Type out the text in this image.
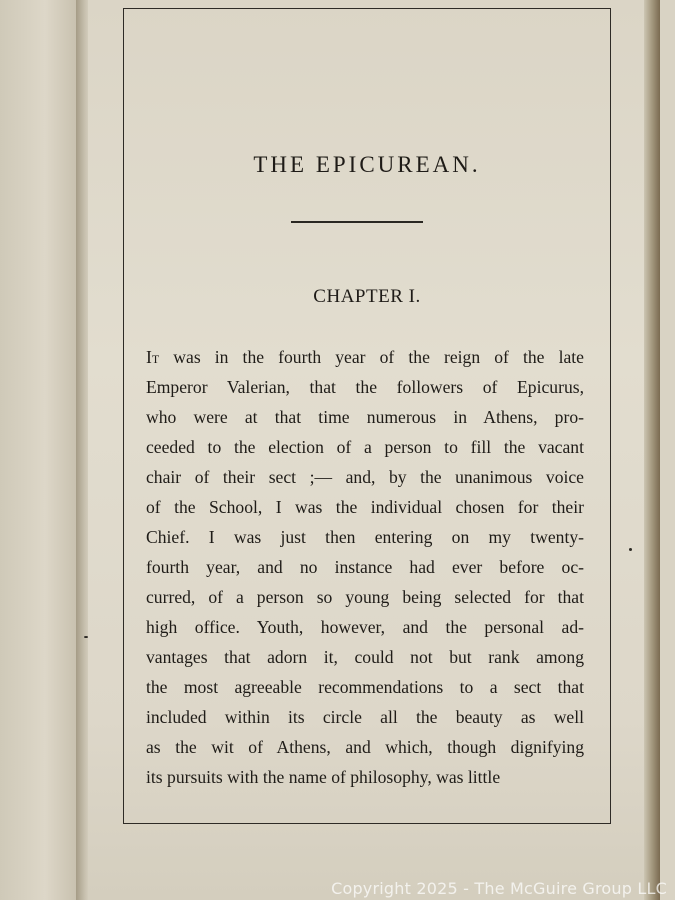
THE EPICUREAN.
CHAPTER I.
It was in the fourth year of the reign of the late
Emperor Valerian, that the followers of Epicurus,
who were at that time numerous in Athens, pro-
ceeded to the election of a person to fill the vacant
chair of their sect ;— and, by the unanimous voice
of the School, I was the individual chosen for their
Chief. I was just then entering on my twenty-
fourth year, and no instance had ever before oc-
curred, of a person so young being selected for that
high office. Youth, however, and the personal ad-
vantages that adorn it, could not but rank among
the most agreeable recommendations to a sect that
included within its circle all the beauty as well
as the wit of Athens, and which, though dignifying
its pursuits with the name of philosophy, was little
Copyright 2025 - The McGuire Group LLC
